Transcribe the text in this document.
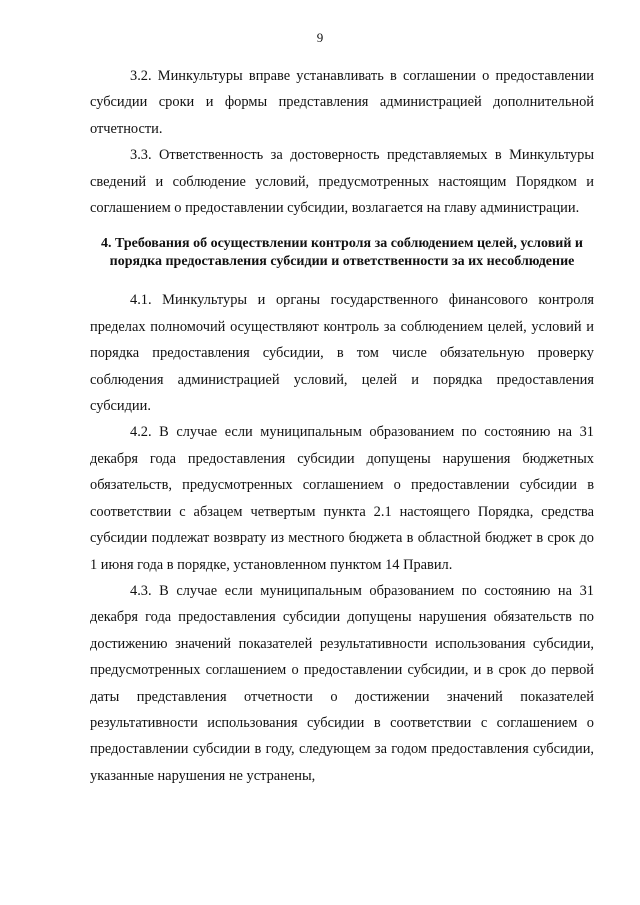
9

3.2. Минкультуры вправе устанавливать в соглашении о предоставлении субсидии сроки и формы представления администрацией дополнительной отчетности.

3.3. Ответственность за достоверность представляемых в Минкультуры сведений и соблюдение условий, предусмотренных настоящим Порядком и соглашением о предоставлении субсидии, возлагается на главу администрации.

4. Требования об осуществлении контроля за соблюдением целей, условий и порядка предоставления субсидии и ответственности за их несоблюдение

4.1. Минкультуры и органы государственного финансового контроля пределах полномочий осуществляют контроль за соблюдением целей, условий и порядка предоставления субсидии, в том числе обязательную проверку соблюдения администрацией условий, целей и порядка предоставления субсидии.

4.2. В случае если муниципальным образованием по состоянию на 31 декабря года предоставления субсидии допущены нарушения бюджетных обязательств, предусмотренных соглашением о предоставлении субсидии в соответствии с абзацем четвертым пункта 2.1 настоящего Порядка, средства субсидии подлежат возврату из местного бюджета в областной бюджет в срок до 1 июня года в порядке, установленном пунктом 14 Правил.

4.3. В случае если муниципальным образованием по состоянию на 31 декабря года предоставления субсидии допущены нарушения обязательств по достижению значений показателей результативности использования субсидии, предусмотренных соглашением о предоставлении субсидии, и в срок до первой даты представления отчетности о достижении значений показателей результативности использования субсидии в соответствии с соглашением о предоставлении субсидии в году, следующем за годом предоставления субсидии, указанные нарушения не устранены,
